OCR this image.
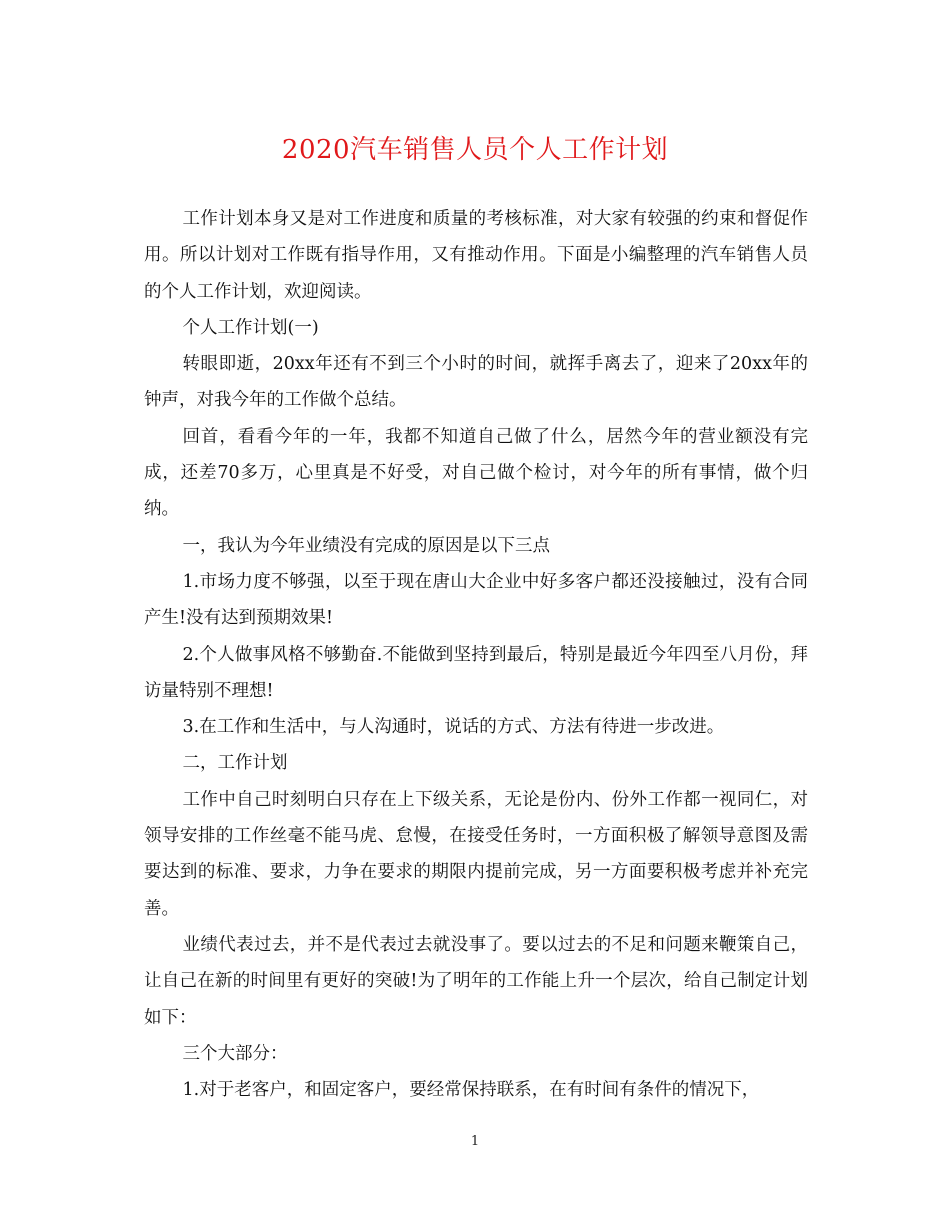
2020汽车销售人员个人工作计划

工作计划本身又是对工作进度和质量的考核标准，对大家有较强的约束和督促作用。所以计划对工作既有指导作用，又有推动作用。下面是小编整理的汽车销售人员的个人工作计划，欢迎阅读。

个人工作计划(一)

转眼即逝，20xx年还有不到三个小时的时间，就挥手离去了，迎来了20xx年的钟声，对我今年的工作做个总结。

回首，看看今年的一年，我都不知道自己做了什么，居然今年的营业额没有完成，还差70多万，心里真是不好受，对自己做个检讨，对今年的所有事情，做个归纳。

一，我认为今年业绩没有完成的原因是以下三点

1.市场力度不够强，以至于现在唐山大企业中好多客户都还没接触过，没有合同产生!没有达到预期效果!

2.个人做事风格不够勤奋.不能做到坚持到最后，特别是最近今年四至八月份，拜访量特别不理想!

3.在工作和生活中，与人沟通时，说话的方式、方法有待进一步改进。

二，工作计划

工作中自己时刻明白只存在上下级关系，无论是份内、份外工作都一视同仁，对领导安排的工作丝毫不能马虎、怠慢，在接受任务时，一方面积极了解领导意图及需要达到的标准、要求，力争在要求的期限内提前完成，另一方面要积极考虑并补充完善。

业绩代表过去，并不是代表过去就没事了。要以过去的不足和问题来鞭策自己，让自己在新的时间里有更好的突破!为了明年的工作能上升一个层次，给自己制定计划如下：

三个大部分：

1.对于老客户，和固定客户，要经常保持联系，在有时间有条件的情况下，

1
